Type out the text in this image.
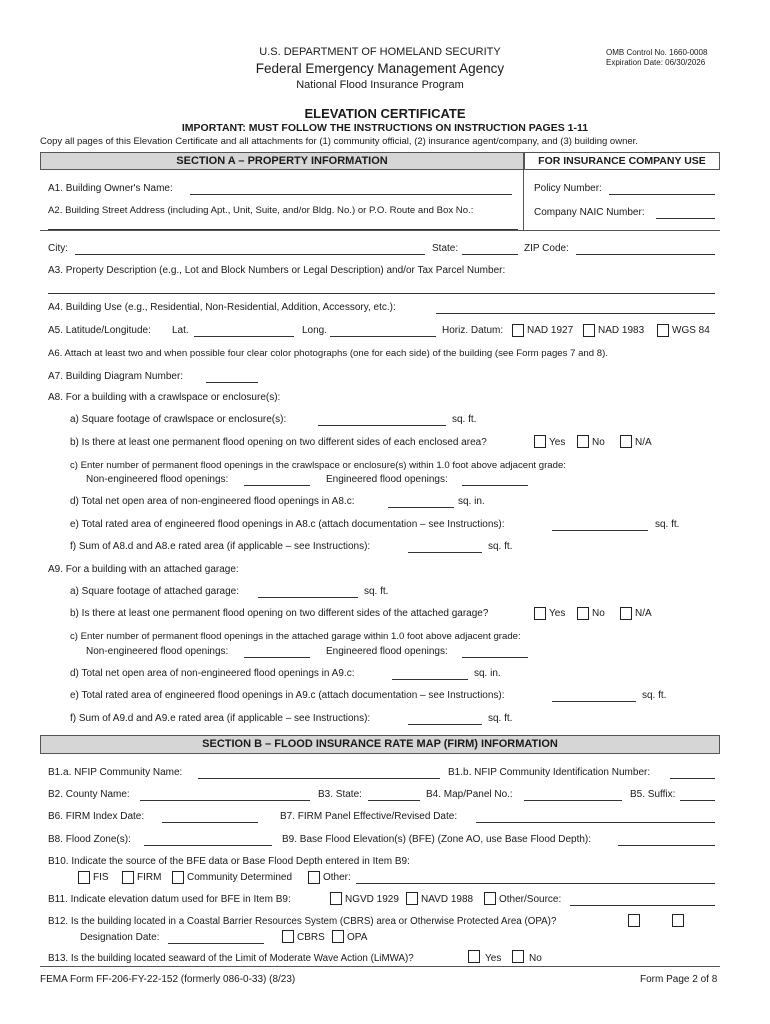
U.S. DEPARTMENT OF HOMELAND SECURITY
Federal Emergency Management Agency
National Flood Insurance Program
OMB Control No. 1660-0008
Expiration Date: 06/30/2026
ELEVATION CERTIFICATE
IMPORTANT: MUST FOLLOW THE INSTRUCTIONS ON INSTRUCTION PAGES 1-11
Copy all pages of this Elevation Certificate and all attachments for (1) community official, (2) insurance agent/company, and (3) building owner.
SECTION A – PROPERTY INFORMATION	FOR INSURANCE COMPANY USE
A1. Building Owner's Name:	Policy Number:
A2. Building Street Address (including Apt., Unit, Suite, and/or Bldg. No.) or P.O. Route and Box No.:	Company NAIC Number:
City:	State:	ZIP Code:
A3. Property Description (e.g., Lot and Block Numbers or Legal Description) and/or Tax Parcel Number:
A4. Building Use (e.g., Residential, Non-Residential, Addition, Accessory, etc.):
A5. Latitude/Longitude: Lat.	Long.	Horiz. Datum: NAD 1927 NAD 1983	WGS 84
A6. Attach at least two and when possible four clear color photographs (one for each side) of the building (see Form pages 7 and 8).
A7. Building Diagram Number:
A8. For a building with a crawlspace or enclosure(s):
a) Square footage of crawlspace or enclosure(s):	sq. ft.
b) Is there at least one permanent flood opening on two different sides of each enclosed area?	Yes	No	N/A
c) Enter number of permanent flood openings in the crawlspace or enclosure(s) within 1.0 foot above adjacent grade:
Non-engineered flood openings:	Engineered flood openings:
d) Total net open area of non-engineered flood openings in A8.c:	sq. in.
e) Total rated area of engineered flood openings in A8.c (attach documentation – see Instructions):	sq. ft.
f) Sum of A8.d and A8.e rated area (if applicable – see Instructions):	sq. ft.
A9. For a building with an attached garage:
a) Square footage of attached garage:	sq. ft.
b) Is there at least one permanent flood opening on two different sides of the attached garage?	Yes	No	N/A
c) Enter number of permanent flood openings in the attached garage within 1.0 foot above adjacent grade:
Non-engineered flood openings:	Engineered flood openings:
d) Total net open area of non-engineered flood openings in A9.c:	sq. in.
e) Total rated area of engineered flood openings in A9.c (attach documentation – see Instructions):	sq. ft.
f) Sum of A9.d and A9.e rated area (if applicable – see Instructions):	sq. ft.
SECTION B – FLOOD INSURANCE RATE MAP (FIRM) INFORMATION
B1.a. NFIP Community Name:	B1.b. NFIP Community Identification Number:
B2. County Name:	B3. State:	B4. Map/Panel No.:	B5. Suffix:
B6. FIRM Index Date:	B7. FIRM Panel Effective/Revised Date:
B8. Flood Zone(s):	B9. Base Flood Elevation(s) (BFE) (Zone AO, use Base Flood Depth):
B10. Indicate the source of the BFE data or Base Flood Depth entered in Item B9:
FIS	FIRM	Community Determined	Other:
B11. Indicate elevation datum used for BFE in Item B9:	NGVD 1929 NAVD 1988	Other/Source:
B12. Is the building located in a Coastal Barrier Resources System (CBRS) area or Otherwise Protected Area (OPA)?
Designation Date:	CBRS OPA
B13. Is the building located seaward of the Limit of Moderate Wave Action (LiMWA)?	Yes	No
FEMA Form FF-206-FY-22-152 (formerly 086-0-33) (8/23)	Form Page 2 of 8
